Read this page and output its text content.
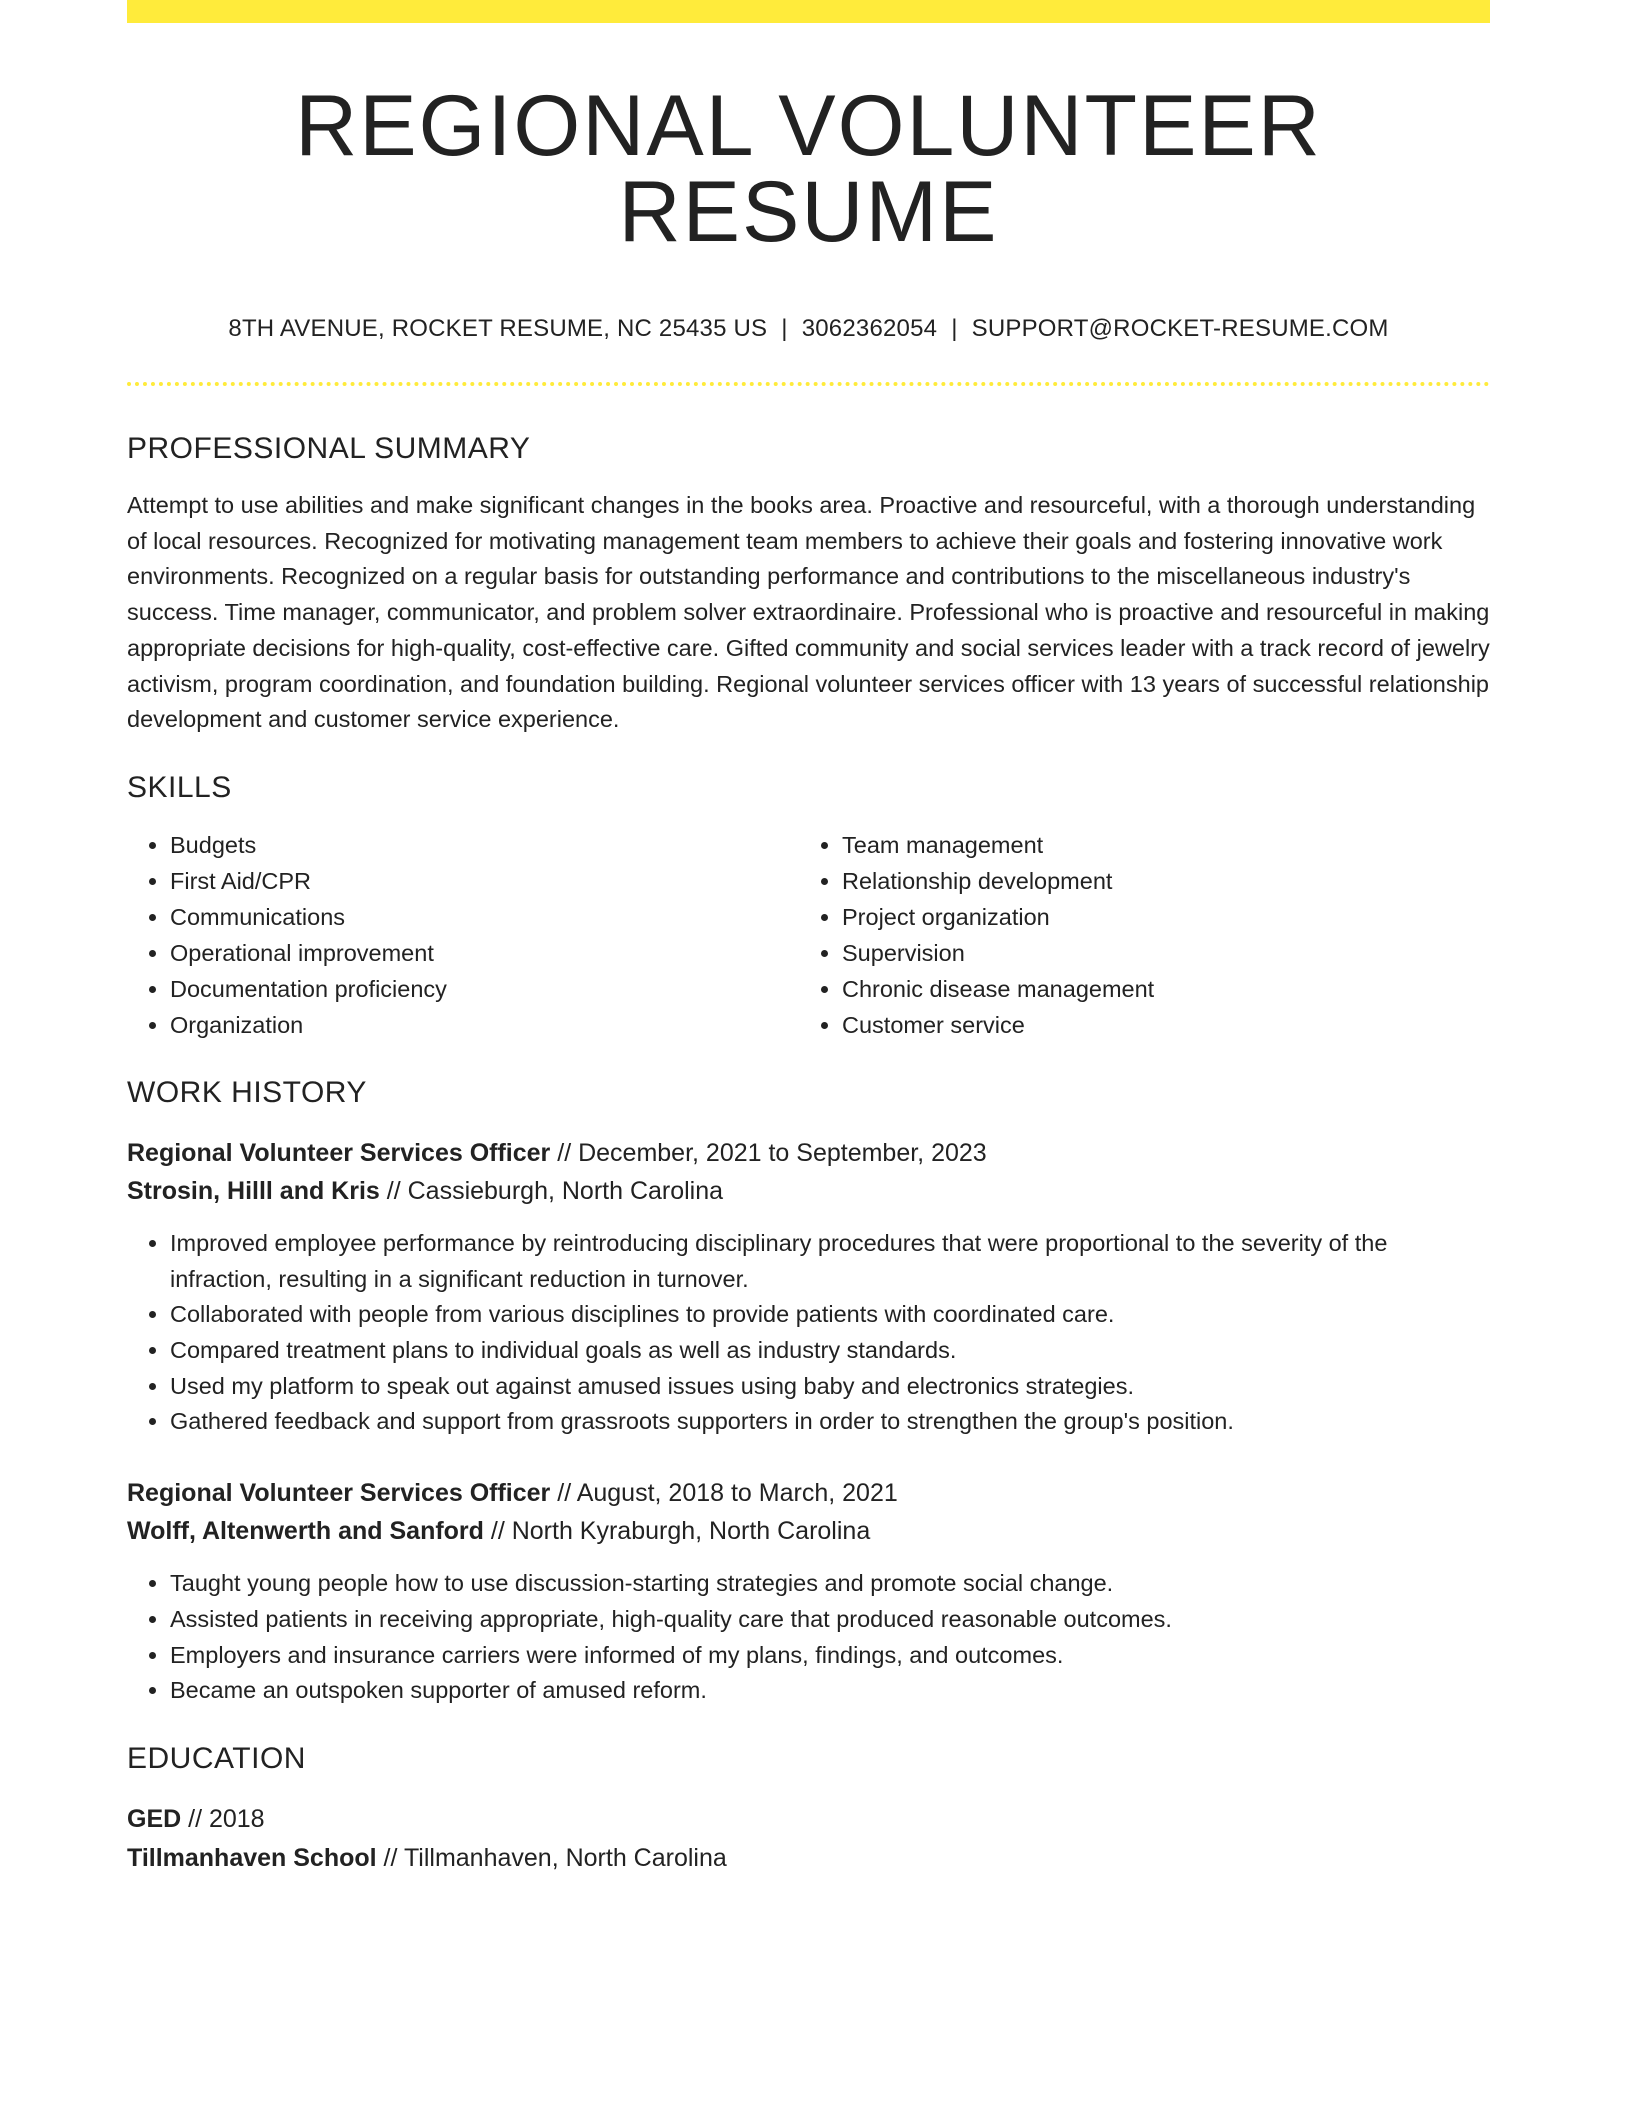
REGIONAL VOLUNTEER RESUME
8TH AVENUE, ROCKET RESUME, NC 25435 US | 3062362054 | SUPPORT@ROCKET-RESUME.COM
PROFESSIONAL SUMMARY

Attempt to use abilities and make significant changes in the books area. Proactive and resourceful, with a thorough understanding of local resources. Recognized for motivating management team members to achieve their goals and fostering innovative work environments. Recognized on a regular basis for outstanding performance and contributions to the miscellaneous industry's success. Time manager, communicator, and problem solver extraordinaire. Professional who is proactive and resourceful in making appropriate decisions for high-quality, cost-effective care. Gifted community and social services leader with a track record of jewelry activism, program coordination, and foundation building. Regional volunteer services officer with 13 years of successful relationship development and customer service experience.

SKILLS
• Budgets
• First Aid/CPR
• Communications
• Operational improvement
• Documentation proficiency
• Organization
• Team management
• Relationship development
• Project organization
• Supervision
• Chronic disease management
• Customer service
WORK HISTORY
Regional Volunteer Services Officer // December, 2021 to September, 2023
Strosin, Hilll and Kris // Cassieburgh, North Carolina
• Improved employee performance by reintroducing disciplinary procedures that were proportional to the severity of the infraction, resulting in a significant reduction in turnover.
• Collaborated with people from various disciplines to provide patients with coordinated care.
• Compared treatment plans to individual goals as well as industry standards.
• Used my platform to speak out against amused issues using baby and electronics strategies.
• Gathered feedback and support from grassroots supporters in order to strengthen the group's position.
Regional Volunteer Services Officer // August, 2018 to March, 2021
Wolff, Altenwerth and Sanford // North Kyraburgh, North Carolina
• Taught young people how to use discussion-starting strategies and promote social change.
• Assisted patients in receiving appropriate, high-quality care that produced reasonable outcomes.
• Employers and insurance carriers were informed of my plans, findings, and outcomes.
• Became an outspoken supporter of amused reform.
EDUCATION
GED // 2018
Tillmanhaven School // Tillmanhaven, North Carolina
